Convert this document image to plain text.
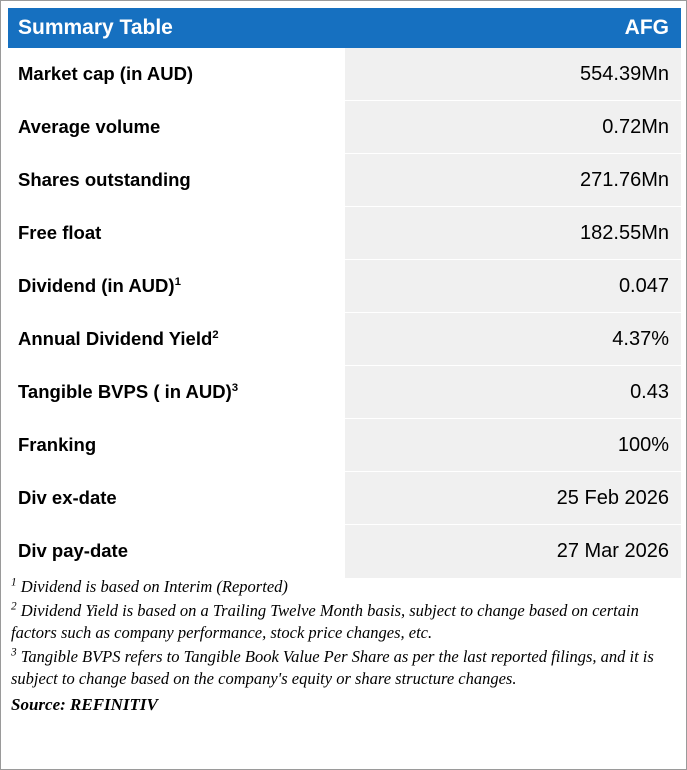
Summary Table	AFG
Market cap (in AUD)	554.39Mn
Average volume	0.72Mn
Shares outstanding	271.76Mn
Free float	182.55Mn
Dividend (in AUD)$^1$	0.047
Annual Dividend Yield$^2$	4.37%
Tangible BVPS ( in AUD)$^3$	0.43
Franking	100%
Div ex-date	25 Feb 2026
Div pay-date	27 Mar 2026

$^1$ Dividend is based on Interim (Reported)

$^2$ Dividend Yield is based on a Trailing Twelve Month basis, subject to change based on certain factors such as company performance, stock price changes, etc.

$^3$ Tangible BVPS refers to Tangible Book Value Per Share as per the last reported filings, and it is subject to change based on the company's equity or share structure changes.

Source: REFINITIV
